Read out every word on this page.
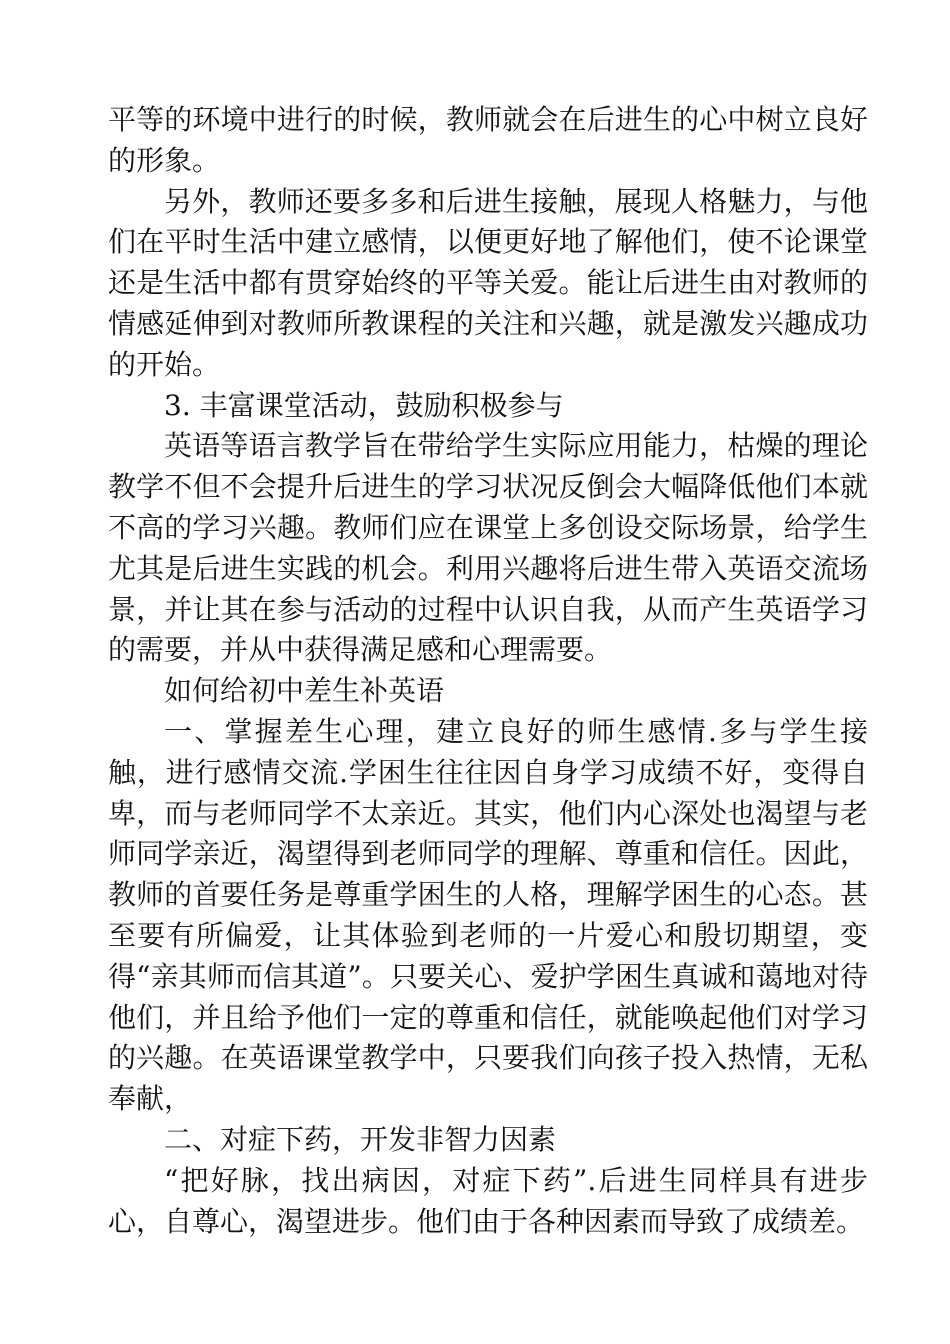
平等的环境中进行的时候，教师就会在后进生的心中树立良好的形象。

另外，教师还要多多和后进生接触，展现人格魅力，与他们在平时生活中建立感情，以便更好地了解他们，使不论课堂还是生活中都有贯穿始终的平等关爱。能让后进生由对教师的情感延伸到对教师所教课程的关注和兴趣，就是激发兴趣成功的开始。

3. 丰富课堂活动，鼓励积极参与

英语等语言教学旨在带给学生实际应用能力，枯燥的理论教学不但不会提升后进生的学习状况反倒会大幅降低他们本就不高的学习兴趣。教师们应在课堂上多创设交际场景，给学生尤其是后进生实践的机会。利用兴趣将后进生带入英语交流场景，并让其在参与活动的过程中认识自我，从而产生英语学习的需要，并从中获得满足感和心理需要。

如何给初中差生补英语

一、掌握差生心理，建立良好的师生感情.多与学生接触，进行感情交流.学困生往往因自身学习成绩不好，变得自卑，而与老师同学不太亲近。其实，他们内心深处也渴望与老师同学亲近，渴望得到老师同学的理解、尊重和信任。因此，教师的首要任务是尊重学困生的人格，理解学困生的心态。甚至要有所偏爱，让其体验到老师的一片爱心和殷切期望，变得“亲其师而信其道”。只要关心、爱护学困生真诚和蔼地对待他们，并且给予他们一定的尊重和信任，就能唤起他们对学习的兴趣。在英语课堂教学中，只要我们向孩子投入热情，无私奉献，

二、对症下药，开发非智力因素

“把好脉，找出病因，对症下药”.后进生同样具有进步心，自尊心，渴望进步。他们由于各种因素而导致了成绩差。
